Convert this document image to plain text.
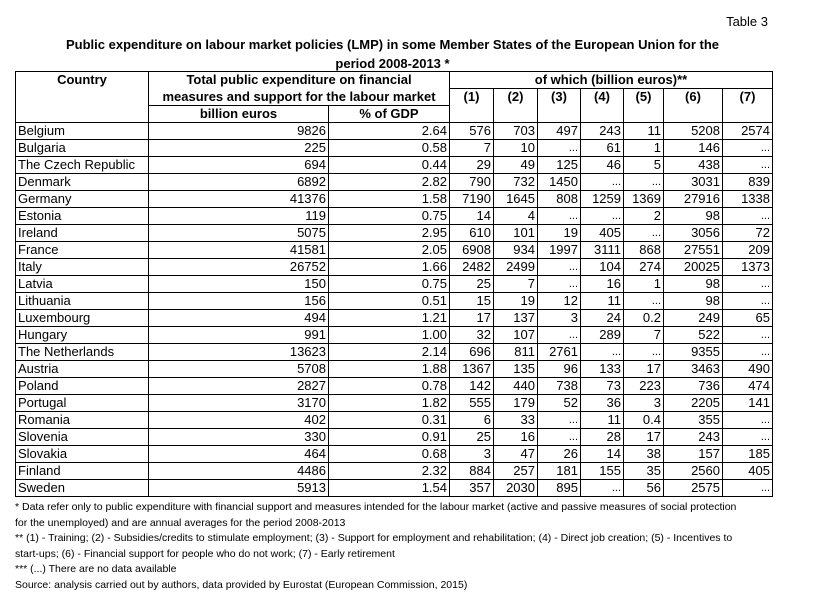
Table 3
Public expenditure on labour market policies (LMP) in some Member States of the European Union for the
period 2008-2013 *
Country	Total public expenditure on financial		of which (billion euros)**						
	measures and support for the labour market		(1)	(2)	(3)	(4)	(5)	(6)	(7)
	billion euros	% of GDP							
Belgium	9826	2.64	576	703	497	243	11	5208	2574
Bulgaria	225	0.58	7	10	...	61	1	146	...
The Czech Republic	694	0.44	29	49	125	46	5	438	...
Denmark	6892	2.82	790	732	1450	...	...	3031	839
Germany	41376	1.58	7190	1645	808	1259	1369	27916	1338
Estonia	119	0.75	14	4	...	...	2	98	...
Ireland	5075	2.95	610	101	19	405	...	3056	72
France	41581	2.05	6908	934	1997	3111	868	27551	209
Italy	26752	1.66	2482	2499	...	104	274	20025	1373
Latvia	150	0.75	25	7	...	16	1	98	...
Lithuania	156	0.51	15	19	12	11	...	98	...
Luxembourg	494	1.21	17	137	3	24	0.2	249	65
Hungary	991	1.00	32	107	...	289	7	522	...
The Netherlands	13623	2.14	696	811	2761	...	...	9355	...
Austria	5708	1.88	1367	135	96	133	17	3463	490
Poland	2827	0.78	142	440	738	73	223	736	474
Portugal	3170	1.82	555	179	52	36	3	2205	141
Romania	402	0.31	6	33	...	11	0.4	355	...
Slovenia	330	0.91	25	16	...	28	17	243	...
Slovakia	464	0.68	3	47	26	14	38	157	185
Finland	4486	2.32	884	257	181	155	35	2560	405
Sweden	5913	1.54	357	2030	895	...	56	2575	...
* Data refer only to public expenditure with financial support and measures intended for the labour market (active and passive measures of social protection
for the unemployed) and are annual averages for the period 2008-2013
** (1) - Training; (2) - Subsidies/credits to stimulate employment; (3) - Support for employment and rehabilitation; (4) - Direct job creation; (5) - Incentives to
start-ups; (6) - Financial support for people who do not work; (7) - Early retirement
*** (...) There are no data available
Source: analysis carried out by authors, data provided by Eurostat (European Commission, 2015)
